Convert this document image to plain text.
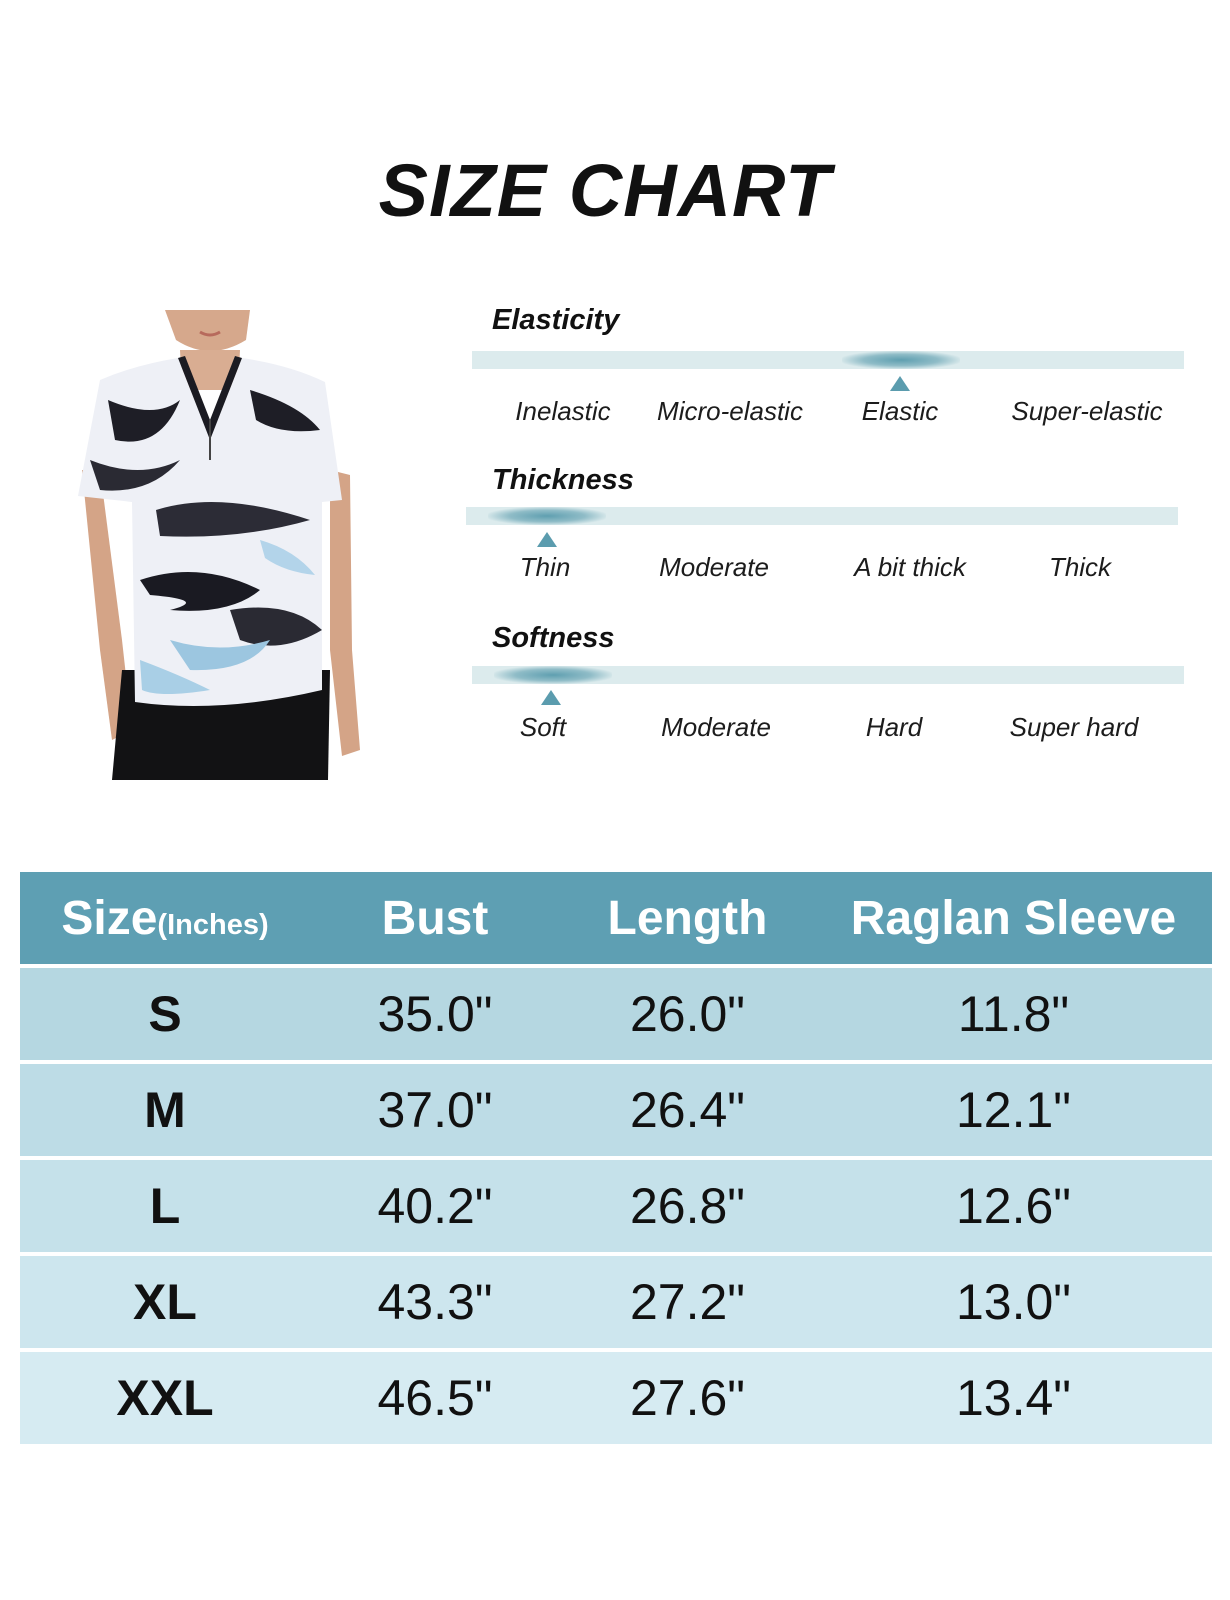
SIZE CHART
Elasticity
Inelastic Micro-elastic Elastic	Super-elastic
Thickness
Thin	Moderate	A bit thick	Thick
Softness
Soft	Moderate	Hard	Super hard
Size(Inches)	Bust	Length	Raglan Sleeve
S	35.0"	26.0"	11.8"
M	37.0"	26.4"	12.1"
L	40.2"	26.8"	12.6"
XL	43.3"	27.2"	13.0"
XXL	46.5"	27.6"	13.4"
